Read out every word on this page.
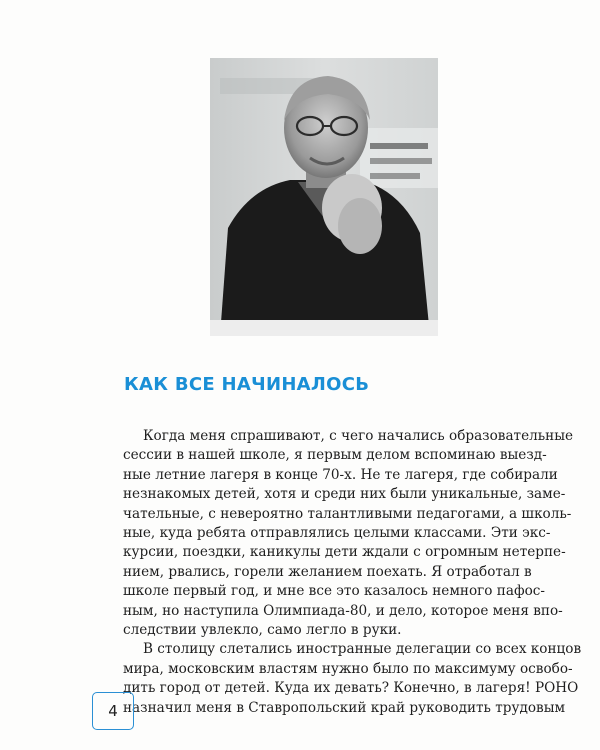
КАК ВСЕ НАЧИНАЛОСЬ
Когда меня спрашивают, с чего начались образовательные
сессии в нашей школе, я первым делом вспоминаю выезд-
ные летние лагеря в конце 70-х. Не те лагеря, где собирали
незнакомых детей, хотя и среди них были уникальные, заме-
чательные, с невероятно талантливыми педагогами, а школь-
ные, куда ребята отправлялись целыми классами. Эти экс-
курсии, поездки, каникулы дети ждали с огромным нетерпе-
нием, рвались, горели желанием поехать. Я отработал в
школе первый год, и мне все это казалось немного пафос-
ным, но наступила Олимпиада-80, и дело, которое меня впо-
следствии увлекло, само легло в руки.
В столицу слетались иностранные делегации со всех концов
мира, московским властям нужно было по максимуму освобо-
дить город от детей. Куда их девать? Конечно, в лагеря! РОНО
назначил меня в Ставропольский край руководить трудовым
4
